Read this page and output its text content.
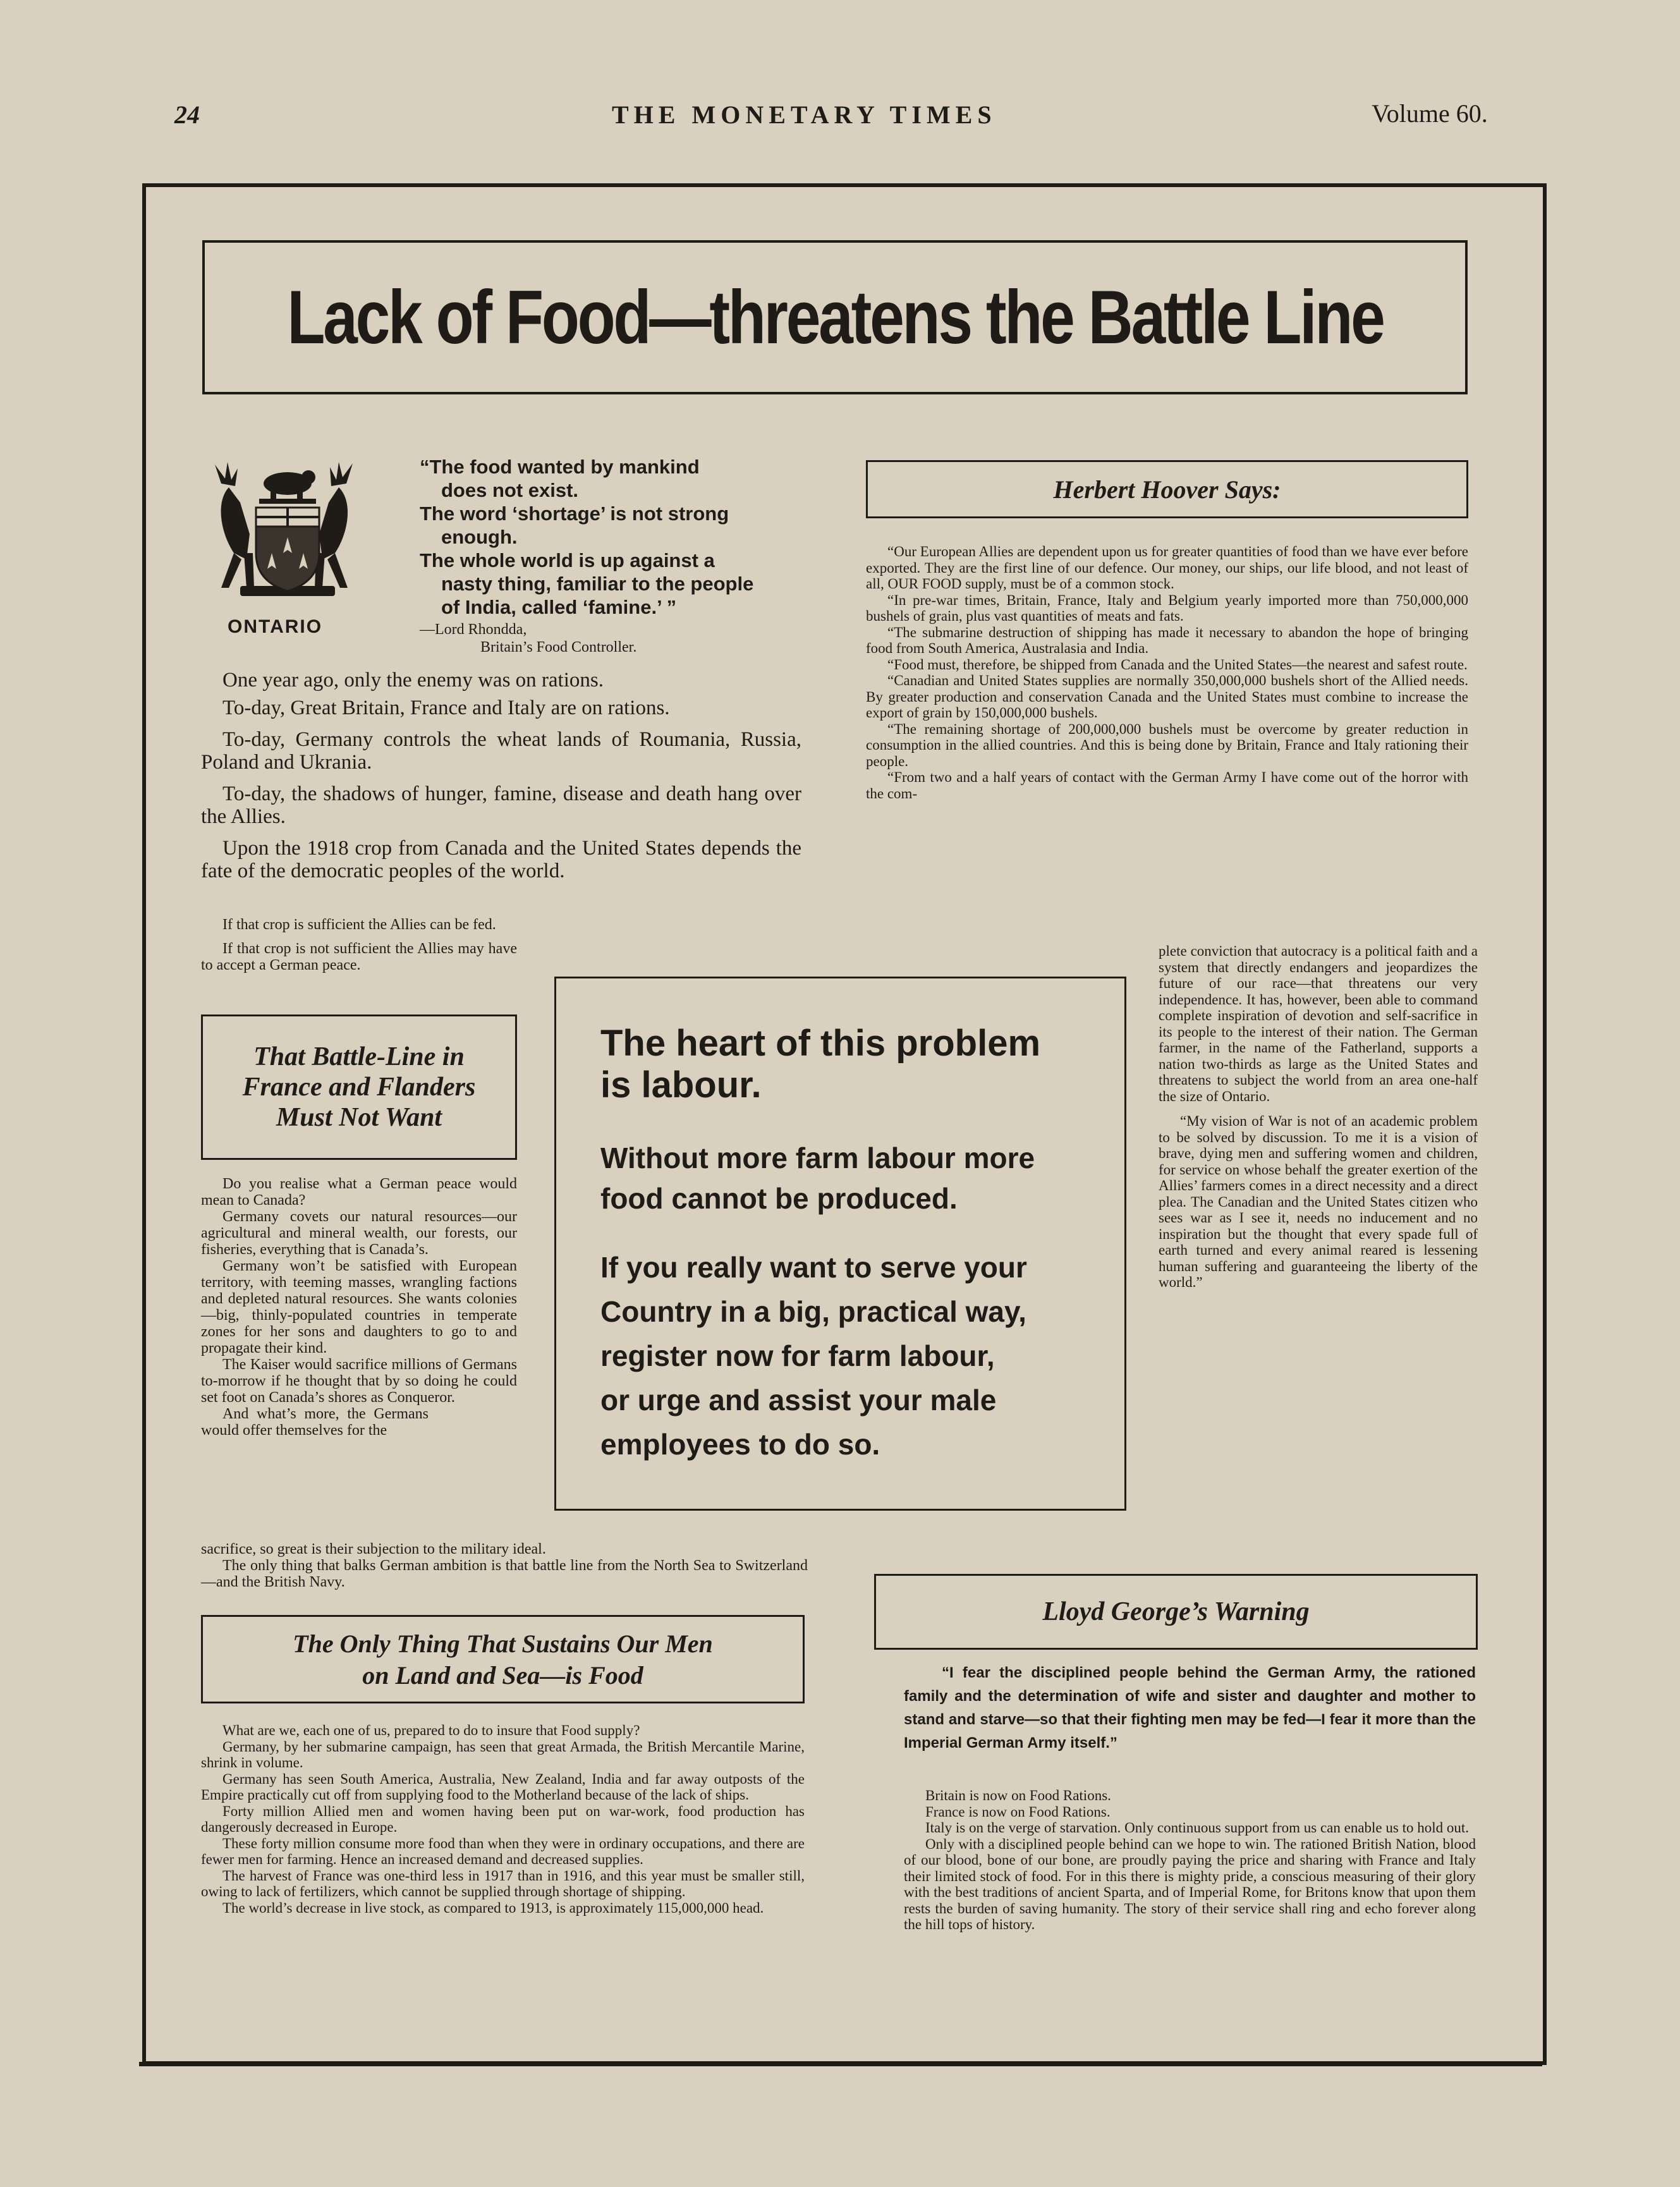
24	THE MONETARY TIMES	Volume 60.
Lack of Food—threatens the Battle Line
ONTARIO
“The food wanted by mankind
does not exist.
The word ‘shortage’ is not strong
enough.
The whole world is up against a
nasty thing, familiar to the people
of India, called ‘famine.’ ”
—Lord Rhondda,
Britain’s Food Controller.

One year ago, only the enemy was on rations.

To-day, Great Britain, France and Italy are on rations.

To-day, Germany controls the wheat lands of Roumania, Russia, Poland and Ukrania.

To-day, the shadows of hunger, famine, disease and death hang over the Allies.

Upon the 1918 crop from Canada and the United States depends the fate of the democratic peoples of the world.

If that crop is sufficient the Allies can be fed.

If that crop is not sufficient the Allies may have to accept a German peace.

That Battle-Line in
France and Flanders
Must Not Want

Do you realise what a German peace would mean to Canada?

Germany covets our natural resources—our agricultural and mineral wealth, our forests, our fisheries, everything that is Canada’s.

Germany won’t be satisfied with European territory, with teeming masses, wrangling factions and depleted natural resources. She wants colonies—big, thinly-populated countries in temperate zones for her sons and daughters to go to and propagate their kind.

The Kaiser would sacrifice millions of Germans to-morrow if he thought that by so doing he could set foot on Canada’s shores as Conqueror.

And what’s more, the Germans would offer themselves for the

sacrifice, so great is their subjection to the military ideal.

The only thing that balks German ambition is that battle line from the North Sea to Switzerland—and the British Navy.

The heart of this problem
is labour.
Without more farm labour more
food cannot be produced.
If you really want to serve your
Country in a big, practical way,
register now for farm labour,
or urge and assist your male
employees to do so.
Herbert Hoover Says:

“Our European Allies are dependent upon us for greater quantities of food than we have ever before exported. They are the first line of our defence. Our money, our ships, our life blood, and not least of all, OUR FOOD supply, must be of a common stock.

“In pre-war times, Britain, France, Italy and Belgium yearly imported more than 750,000,000 bushels of grain, plus vast quantities of meats and fats.

“The submarine destruction of shipping has made it necessary to abandon the hope of bringing food from South America, Australasia and India.

“Food must, therefore, be shipped from Canada and the United States—the nearest and safest route.

“Canadian and United States supplies are normally 350,000,000 bushels short of the Allied needs. By greater production and conservation Canada and the United States must combine to increase the export of grain by 150,000,000 bushels.

“The remaining shortage of 200,000,000 bushels must be overcome by greater reduction in consumption in the allied countries. And this is being done by Britain, France and Italy rationing their people.

“From two and a half years of contact with the German Army I have come out of the horror with the com-

plete conviction that autocracy is a political faith and a system that directly endangers and jeopardizes the future of our race—that threatens our very independence. It has, however, been able to command complete inspiration of devotion and self-sacrifice in its people to the interest of their nation. The German farmer, in the name of the Fatherland, supports a nation two-thirds as large as the United States and threatens to subject the world from an area one-half the size of Ontario.

“My vision of War is not of an academic problem to be solved by discussion. To me it is a vision of brave, dying men and suffering women and children, for service on whose behalf the greater exertion of the Allies’ farmers comes in a direct necessity and a direct plea. The Canadian and the United States citizen who sees war as I see it, needs no inducement and no inspiration but the thought that every spade full of earth turned and every animal reared is lessening human suffering and guaranteeing the liberty of the world.”

The Only Thing That Sustains Our Men
on Land and Sea—is Food

What are we, each one of us, prepared to do to insure that Food supply?

Germany, by her submarine campaign, has seen that great Armada, the British Mercantile Marine, shrink in volume.

Germany has seen South America, Australia, New Zealand, India and far away outposts of the Empire practically cut off from supplying food to the Motherland because of the lack of ships.

Forty million Allied men and women having been put on war-work, food production has dangerously decreased in Europe.

These forty million consume more food than when they were in ordinary occupations, and there are fewer men for farming. Hence an increased demand and decreased supplies.

The harvest of France was one-third less in 1917 than in 1916, and this year must be smaller still, owing to lack of fertilizers, which cannot be supplied through shortage of shipping.

The world’s decrease in live stock, as compared to 1913, is approximately 115,000,000 head.

Lloyd George’s Warning
“I fear the disciplined people behind the German Army, the rationed family and the determination of wife and sister and daughter and mother to stand and starve—so that their fighting men may be fed—I fear it more than the Imperial German Army itself.”

Britain is now on Food Rations.

France is now on Food Rations.

Italy is on the verge of starvation. Only continuous support from us can enable us to hold out.

Only with a disciplined people behind can we hope to win. The rationed British Nation, blood of our blood, bone of our bone, are proudly paying the price and sharing with France and Italy their limited stock of food. For in this there is mighty pride, a conscious measuring of their glory with the best traditions of ancient Sparta, and of Imperial Rome, for Britons know that upon them rests the burden of saving humanity. The story of their service shall ring and echo forever along the hill tops of history.
